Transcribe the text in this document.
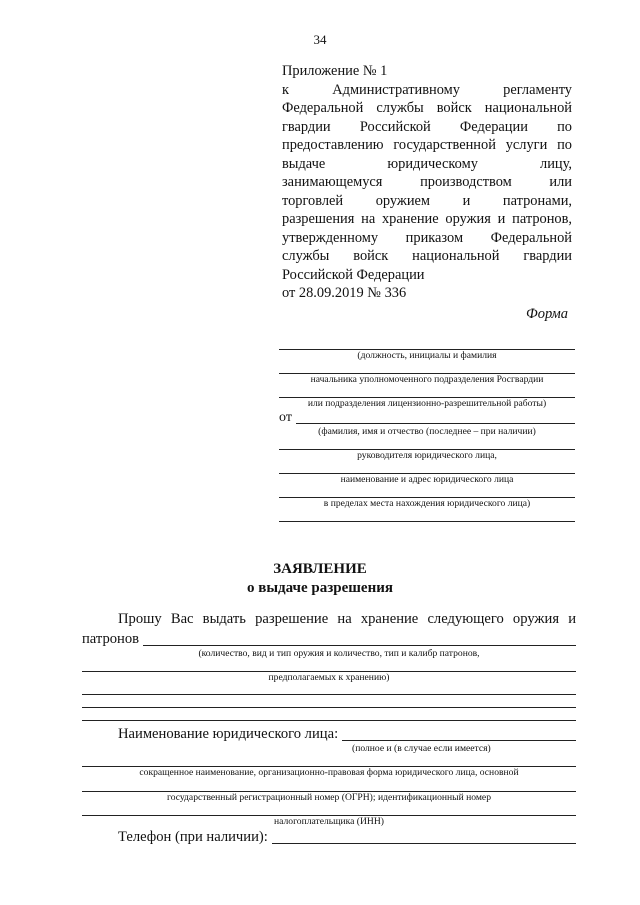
34
Приложение № 1
к Административному регламенту
Федеральной службы войск национальной
гвардии Российской Федерации по
предоставлению государственной услуги по
выдаче юридическому лицу,
занимающемуся производством или
торговлей оружием и патронами,
разрешения на хранение оружия и патронов,
утвержденному приказом Федеральной
службы войск национальной гвардии
Российской Федерации
от 28.09.2019 № 336
Форма
(должность, инициалы и фамилия
начальника уполномоченного подразделения Росгвардии
или подразделения лицензионно-разрешительной работы)
от
(фамилия, имя и отчество (последнее – при наличии)
руководителя юридического лица,
наименование и адрес юридического лица
в пределах места нахождения юридического лица)
ЗАЯВЛЕНИЕ
о выдаче разрешения
Прошу Вас выдать разрешение на хранение следующего оружия и
патронов
(количество, вид и тип оружия и количество, тип и калибр патронов,
предполагаемых к хранению)
Наименование юридического лица:
(полное и (в случае если имеется)
сокращенное наименование, организационно-правовая форма юридического лица, основной
государственный регистрационный номер (ОГРН); идентификационный номер
налогоплательщика (ИНН)
Телефон (при наличии):
